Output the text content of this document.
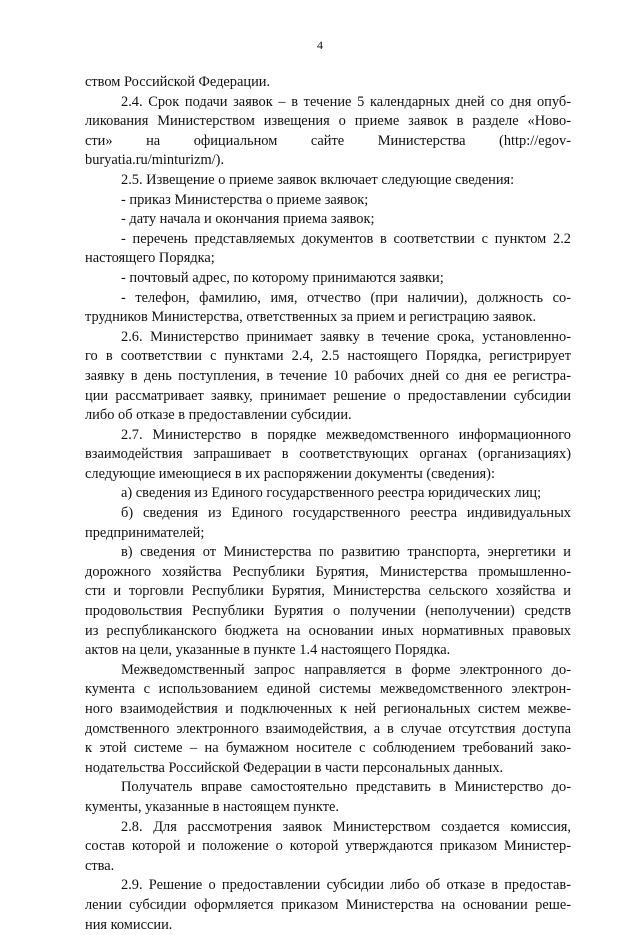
4
ством Российской Федерации.
2.4. Срок подачи заявок – в течение 5 календарных дней со дня опуб-
ликования Министерством извещения о приеме заявок в разделе «Ново-
сти» на официальном сайте Министерства (http://egov-
buryatia.ru/minturizm/).
2.5. Извещение о приеме заявок включает следующие сведения:
- приказ Министерства о приеме заявок;
- дату начала и окончания приема заявок;
- перечень представляемых документов в соответствии с пунктом 2.2
настоящего Порядка;
- почтовый адрес, по которому принимаются заявки;
- телефон, фамилию, имя, отчество (при наличии), должность со-
трудников Министерства, ответственных за прием и регистрацию заявок.
2.6. Министерство принимает заявку в течение срока, установленно-
го в соответствии с пунктами 2.4, 2.5 настоящего Порядка, регистрирует
заявку в день поступления, в течение 10 рабочих дней со дня ее регистра-
ции рассматривает заявку, принимает решение о предоставлении субсидии
либо об отказе в предоставлении субсидии.
2.7. Министерство в порядке межведомственного информационного
взаимодействия запрашивает в соответствующих органах (организациях)
следующие имеющиеся в их распоряжении документы (сведения):
а) сведения из Единого государственного реестра юридических лиц;
б) сведения из Единого государственного реестра индивидуальных
предпринимателей;
в) сведения от Министерства по развитию транспорта, энергетики и
дорожного хозяйства Республики Бурятия, Министерства промышленно-
сти и торговли Республики Бурятия, Министерства сельского хозяйства и
продовольствия Республики Бурятия о получении (неполучении) средств
из республиканского бюджета на основании иных нормативных правовых
актов на цели, указанные в пункте 1.4 настоящего Порядка.
Межведомственный запрос направляется в форме электронного до-
кумента с использованием единой системы межведомственного электрон-
ного взаимодействия и подключенных к ней региональных систем межве-
домственного электронного взаимодействия, а в случае отсутствия доступа
к этой системе – на бумажном носителе с соблюдением требований зако-
нодательства Российской Федерации в части персональных данных.
Получатель вправе самостоятельно представить в Министерство до-
кументы, указанные в настоящем пункте.
2.8. Для рассмотрения заявок Министерством создается комиссия,
состав которой и положение о которой утверждаются приказом Министер-
ства.
2.9. Решение о предоставлении субсидии либо об отказе в предостав-
лении субсидии оформляется приказом Министерства на основании реше-
ния комиссии.
